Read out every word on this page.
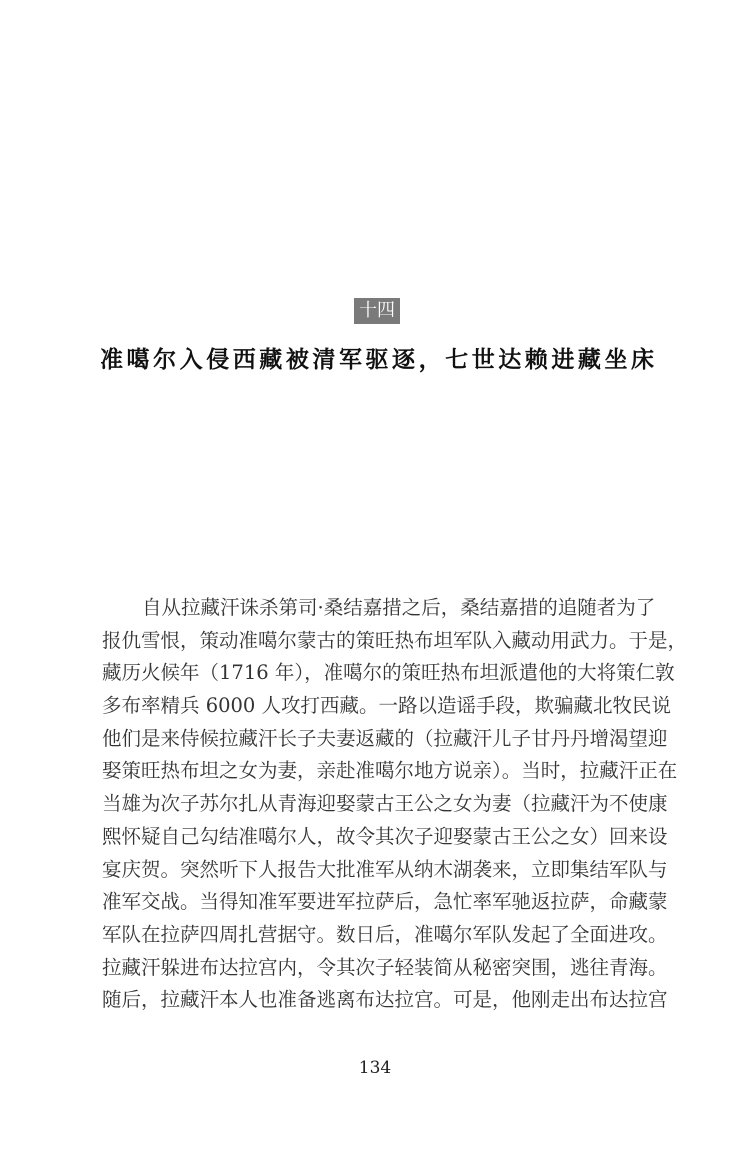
十四
准噶尔入侵西藏被清军驱逐，七世达赖进藏坐床
自从拉藏汗诛杀第司·桑结嘉措之后，桑结嘉措的追随者为了
报仇雪恨，策动准噶尔蒙古的策旺热布坦军队入藏动用武力。于是，
藏历火候年（1716 年），准噶尔的策旺热布坦派遣他的大将策仁敦
多布率精兵 6000 人攻打西藏。一路以造谣手段，欺骗藏北牧民说
他们是来侍候拉藏汗长子夫妻返藏的（拉藏汗儿子甘丹丹增渴望迎
娶策旺热布坦之女为妻，亲赴准噶尔地方说亲）。当时，拉藏汗正在
当雄为次子苏尔扎从青海迎娶蒙古王公之女为妻（拉藏汗为不使康
熙怀疑自己勾结准噶尔人，故令其次子迎娶蒙古王公之女）回来设
宴庆贺。突然听下人报告大批准军从纳木湖袭来，立即集结军队与
准军交战。当得知准军要进军拉萨后，急忙率军驰返拉萨，命藏蒙
军队在拉萨四周扎营据守。数日后，准噶尔军队发起了全面进攻。
拉藏汗躲进布达拉宫内，令其次子轻装简从秘密突围，逃往青海。
随后，拉藏汗本人也准备逃离布达拉宫。可是，他刚走出布达拉宫
134
